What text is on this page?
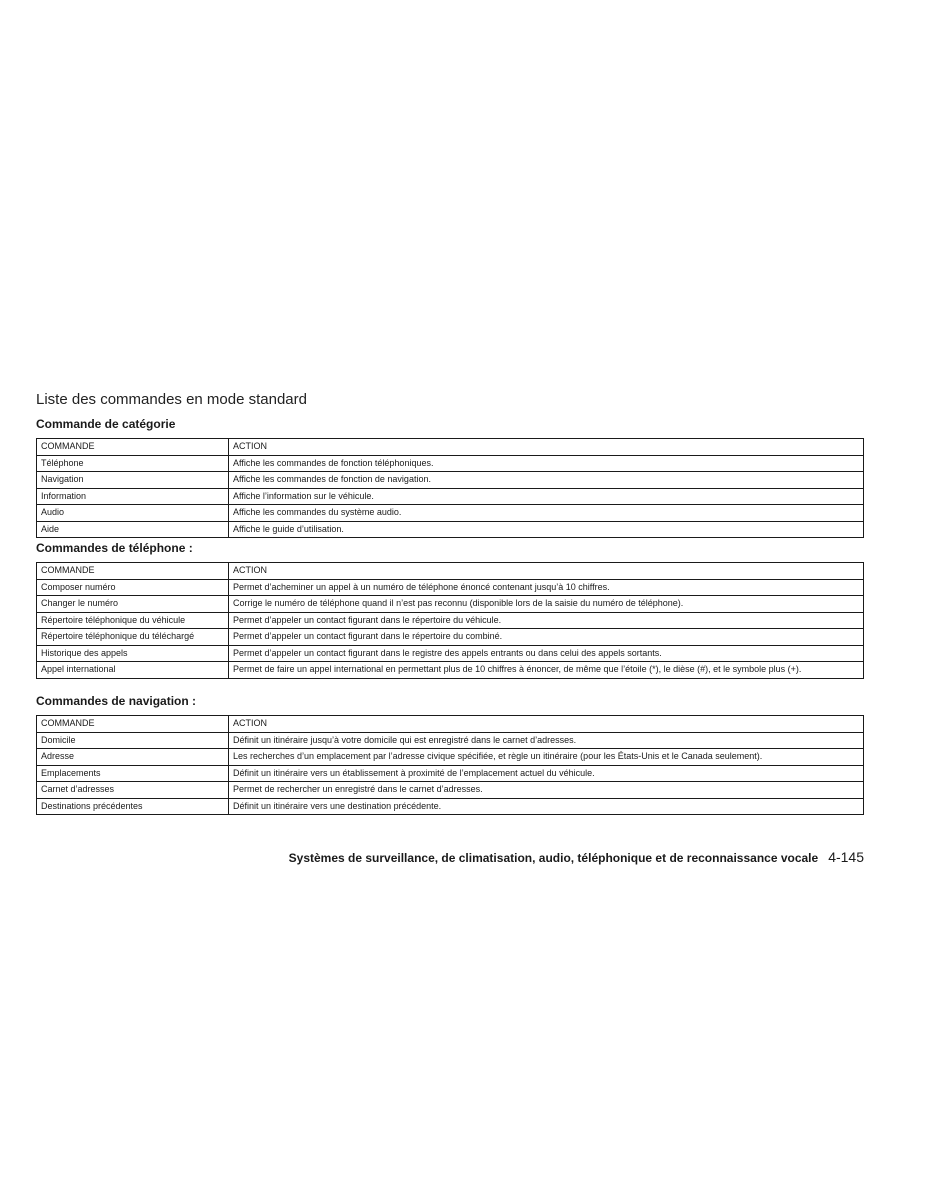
Liste des commandes en mode standard
Commande de catégorie
COMMANDE	ACTION
Téléphone	Affiche les commandes de fonction téléphoniques.
Navigation	Affiche les commandes de fonction de navigation.
Information	Affiche l’information sur le véhicule.
Audio	Affiche les commandes du système audio.
Aide	Affiche le guide d’utilisation.
Commandes de téléphone :
COMMANDE	ACTION
Composer numéro	Permet d’acheminer un appel à un numéro de téléphone énoncé contenant jusqu’à 10 chiffres.
Changer le numéro	Corrige le numéro de téléphone quand il n’est pas reconnu (disponible lors de la saisie du numéro de téléphone).
Répertoire téléphonique du véhicule	Permet d’appeler un contact figurant dans le répertoire du véhicule.
Répertoire téléphonique du téléchargé	Permet d’appeler un contact figurant dans le répertoire du combiné.
Historique des appels	Permet d’appeler un contact figurant dans le registre des appels entrants ou dans celui des appels sortants.
Appel international	Permet de faire un appel international en permettant plus de 10 chiffres à énoncer, de même que l’étoile (*), le dièse (#), et le symbole plus (+).
Commandes de navigation :
COMMANDE	ACTION
Domicile	Définit un itinéraire jusqu’à votre domicile qui est enregistré dans le carnet d’adresses.
Adresse	Les recherches d’un emplacement par l’adresse civique spécifiée, et règle un itinéraire (pour les États-Unis et le Canada seulement).
Emplacements	Définit un itinéraire vers un établissement à proximité de l’emplacement actuel du véhicule.
Carnet d’adresses	Permet de rechercher un enregistré dans le carnet d’adresses.
Destinations précédentes	Définit un itinéraire vers une destination précédente.
Systèmes de surveillance, de climatisation, audio, téléphonique et de reconnaissance vocale 4-145
